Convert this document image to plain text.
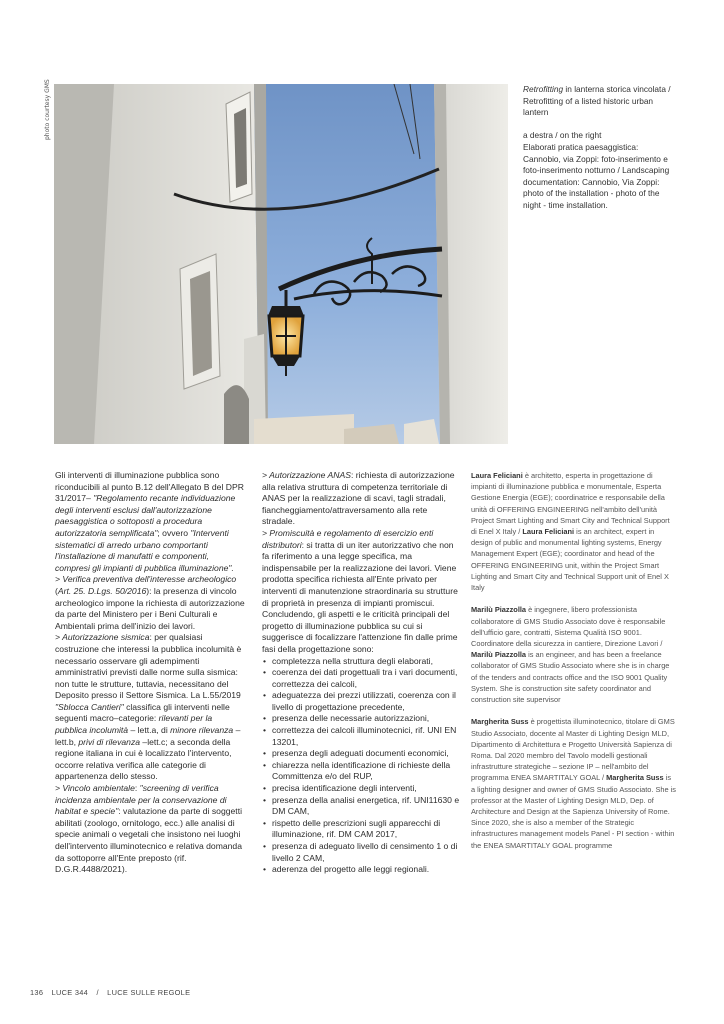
photo courtesy GMS	Retrofitting in lanterna storica vincolata / Retrofitting of a listed historic urban lantern

a destra / on the right
Elaborati pratica paesaggistica: Cannobio, via Zoppi: foto-inserimento e foto-inserimento notturno / Landscaping documentation: Cannobio, Via Zoppi: photo of the installation - photo of the night - time installation.

Gli interventi di illuminazione pubblica sono riconducibili al punto B.12 dell'Allegato B del DPR 31/2017– "Regolamento recante individuazione degli interventi esclusi dall'autorizzazione paesaggistica o sottoposti a procedura autorizzatoria semplificata"; ovvero "Interventi sistematici di arredo urbano comportanti l'installazione di manufatti e componenti, compresi gli impianti di pubblica illuminazione".

> Verifica preventiva dell'interesse archeologico (Art. 25. D.Lgs. 50/2016): la presenza di vincolo archeologico impone la richiesta di autorizzazione da parte del Ministero per i Beni Culturali e Ambientali prima dell'inizio dei lavori.

> Autorizzazione sismica: per qualsiasi costruzione che interessi la pubblica incolumità è necessario osservare gli adempimenti amministrativi previsti dalle norme sulla sismica: non tutte le strutture, tuttavia, necessitano del Deposito presso il Settore Sismica. La L.55/2019 "Sblocca Cantieri" classifica gli interventi nelle seguenti macro–categorie: rilevanti per la pubblica incolumità – lett.a, di minore rilevanza – lett.b, privi di rilevanza –lett.c; a seconda della regione italiana in cui è localizzato l'intervento, occorre relativa verifica alle categorie di appartenenza dello stesso.

> Vincolo ambientale: "screening di verifica incidenza ambientale per la conservazione di habitat e specie": valutazione da parte di soggetti abilitati (zoologo, ornitologo, ecc.) alle analisi di specie animali o vegetali che insistono nei luoghi dell'intervento illuminotecnico e relativa domanda da sottoporre all'Ente preposto (rif. D.G.R.4488/2021).

> Autorizzazione ANAS: richiesta di autorizzazione alla relativa struttura di competenza territoriale di ANAS per la realizzazione di scavi, tagli stradali, fiancheggiamento/attraversamento alla rete stradale.

> Promiscuità e regolamento di esercizio enti distributori: si tratta di un iter autorizzativo che non fa riferimento a una legge specifica, ma indispensabile per la realizzazione dei lavori. Viene prodotta specifica richiesta all'Ente privato per interventi di manutenzione straordinaria su strutture di proprietà in presenza di impianti promiscui.

Concludendo, gli aspetti e le criticità principali del progetto di illuminazione pubblica su cui si suggerisce di focalizzare l'attenzione fin dalle prime fasi della progettazione sono:

• completezza nella struttura degli elaborati,
• coerenza dei dati progettuali tra i vari documenti, correttezza dei calcoli,
• adeguatezza dei prezzi utilizzati, coerenza con il livello di progettazione precedente,
• presenza delle necessarie autorizzazioni,
• correttezza dei calcoli illuminotecnici, rif. UNI EN 13201,
• presenza degli adeguati documenti economici,
• chiarezza nella identificazione di richieste della Committenza e/o del RUP,
• precisa identificazione degli interventi,
• presenza della analisi energetica, rif. UNI11630 e DM CAM,
• rispetto delle prescrizioni sugli apparecchi di illuminazione, rif. DM CAM 2017,
• presenza di adeguato livello di censimento 1 o di livello 2 CAM,
• aderenza del progetto alle leggi regionali.

Laura Feliciani è architetto, esperta in progettazione di impianti di illuminazione pubblica e monumentale, Esperta Gestione Energia (EGE); coordinatrice e responsabile della unità di OFFERING ENGINEERING nell'ambito dell'unità Project Smart Lighting and Smart City and Technical Support di Enel X Italy / Laura Feliciani is an architect, expert in design of public and monumental lighting systems, Energy Management Expert (EGE); coordinator and head of the OFFERING ENGINEERING unit, within the Project Smart Lighting and Smart City and Technical Support unit of Enel X Italy

Marilù Piazzolla è ingegnere, libero professionista collaboratore di GMS Studio Associato dove è responsabile dell'ufficio gare, contratti, Sistema Qualità ISO 9001. Coordinatore della sicurezza in cantiere, Direzione Lavori / Marilù Piazzolla is an engineer, and has been a freelance collaborator of GMS Studio Associato where she is in charge of the tenders and contracts office and the ISO 9001 Quality System. She is construction site safety coordinator and construction site supervisor

Margherita Suss è progettista illuminotecnico, titolare di GMS Studio Associato, docente al Master di Lighting Design MLD, Dipartimento di Architettura e Progetto Università Sapienza di Roma. Dal 2020 membro del Tavolo modelli gestionali infrastrutture strategiche – sezione IP – nell'ambito del programma ENEA SMARTITALY GOAL / Margherita Suss is a lighting designer and owner of GMS Studio Associato. She is professor at the Master of Lighting Design MLD, Dep. of Architecture and Design at the Sapienza University of Rome. Since 2020, she is also a member of the Strategic infrastructures management models Panel - PI section - within the ENEA SMARTITALY GOAL programme

136 LUCE 344 / LUCE SULLE REGOLE
